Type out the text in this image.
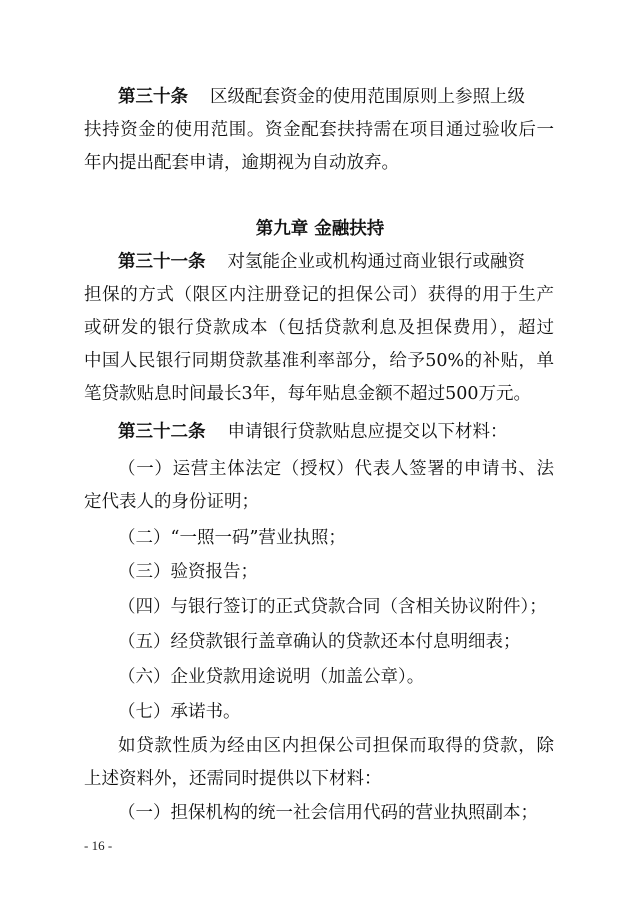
第三十条 区级配套资金的使用范围原则上参照上级
扶持资金的使用范围。资金配套扶持需在项目通过验收后一
年内提出配套申请，逾期视为自动放弃。
第九章 金融扶持
第三十一条 对氢能企业或机构通过商业银行或融资
担保的方式（限区内注册登记的担保公司）获得的用于生产
或研发的银行贷款成本（包括贷款利息及担保费用），超过
中国人民银行同期贷款基准利率部分，给予50%的补贴，单
笔贷款贴息时间最长3年，每年贴息金额不超过500万元。
第三十二条 申请银行贷款贴息应提交以下材料：
（一）运营主体法定（授权）代表人签署的申请书、法
定代表人的身份证明；
（二）“一照一码”营业执照；
（三）验资报告；
（四）与银行签订的正式贷款合同（含相关协议附件）；
（五）经贷款银行盖章确认的贷款还本付息明细表；
（六）企业贷款用途说明（加盖公章）。
（七）承诺书。
如贷款性质为经由区内担保公司担保而取得的贷款，除
上述资料外，还需同时提供以下材料：
（一）担保机构的统一社会信用代码的营业执照副本；
- 16 -
